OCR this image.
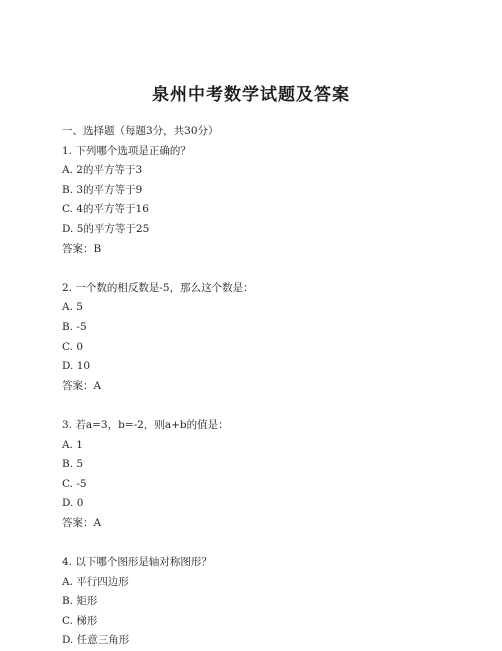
泉州中考数学试题及答案
一、选择题（每题3分，共30分）
1. 下列哪个选项是正确的？
A. 2的平方等于3
B. 3的平方等于9
C. 4的平方等于16
D. 5的平方等于25
答案：B
2. 一个数的相反数是-5，那么这个数是：
A. 5
B. -5
C. 0
D. 10
答案：A
3. 若a=3，b=-2，则a+b的值是：
A. 1
B. 5
C. -5
D. 0
答案：A
4. 以下哪个图形是轴对称图形？
A. 平行四边形
B. 矩形
C. 梯形
D. 任意三角形
